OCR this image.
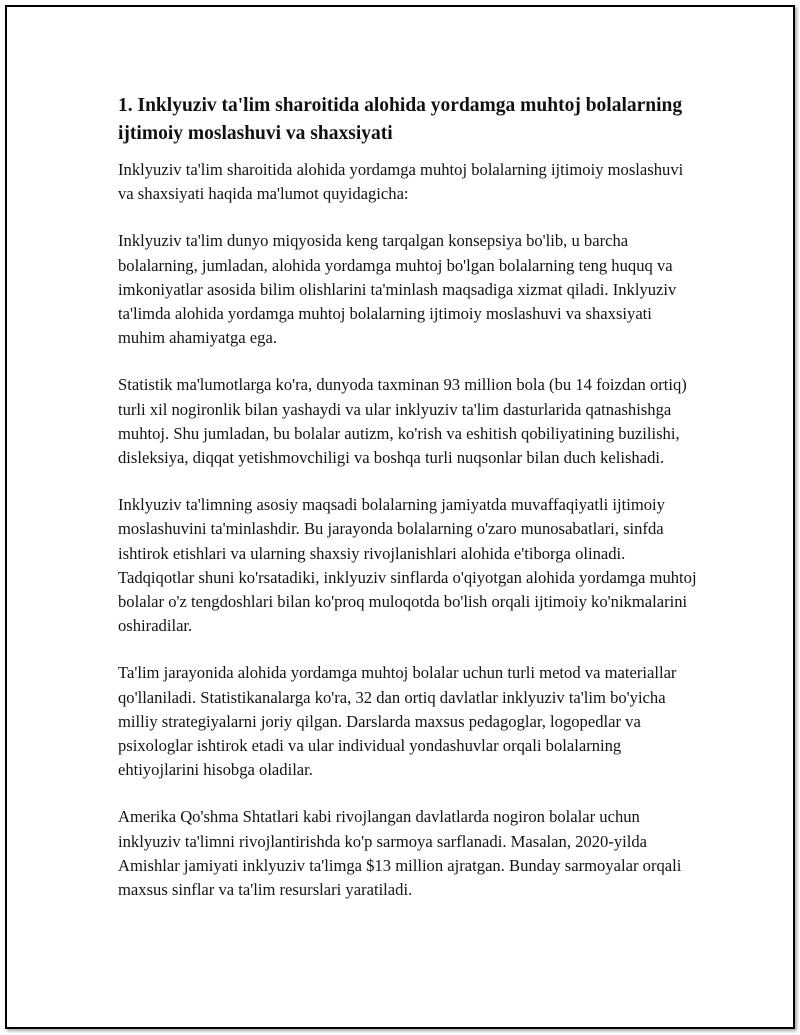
1. Inklyuziv ta'lim sharoitida alohida yordamga muhtoj bolalarning ijtimoiy moslashuvi va shaxsiyati

Inklyuziv ta'lim sharoitida alohida yordamga muhtoj bolalarning ijtimoiy moslashuvi va shaxsiyati haqida ma'lumot quyidagicha:

Inklyuziv ta'lim dunyo miqyosida keng tarqalgan konsepsiya bo'lib, u barcha bolalarning, jumladan, alohida yordamga muhtoj bo'lgan bolalarning teng huquq va imkoniyatlar asosida bilim olishlarini ta'minlash maqsadiga xizmat qiladi. Inklyuziv ta'limda alohida yordamga muhtoj bolalarning ijtimoiy moslashuvi va shaxsiyati muhim ahamiyatga ega.

Statistik ma'lumotlarga ko'ra, dunyoda taxminan 93 million bola (bu 14 foizdan ortiq) turli xil nogironlik bilan yashaydi va ular inklyuziv ta'lim dasturlarida qatnashishga muhtoj. Shu jumladan, bu bolalar autizm, ko'rish va eshitish qobiliyatining buzilishi, disleksiya, diqqat yetishmovchiligi va boshqa turli nuqsonlar bilan duch kelishadi.

Inklyuziv ta'limning asosiy maqsadi bolalarning jamiyatda muvaffaqiyatli ijtimoiy moslashuvini ta'minlashdir. Bu jarayonda bolalarning o'zaro munosabatlari, sinfda ishtirok etishlari va ularning shaxsiy rivojlanishlari alohida e'tiborga olinadi. Tadqiqotlar shuni ko'rsatadiki, inklyuziv sinflarda o'qiyotgan alohida yordamga muhtoj bolalar o'z tengdoshlari bilan ko'proq muloqotda bo'lish orqali ijtimoiy ko'nikmalarini oshiradilar.

Ta'lim jarayonida alohida yordamga muhtoj bolalar uchun turli metod va materiallar qo'llaniladi. Statistikanalarga ko'ra, 32 dan ortiq davlatlar inklyuziv ta'lim bo'yicha milliy strategiyalarni joriy qilgan. Darslarda maxsus pedagoglar, logopedlar va psixologlar ishtirok etadi va ular individual yondashuvlar orqali bolalarning ehtiyojlarini hisobga oladilar.

Amerika Qo'shma Shtatlari kabi rivojlangan davlatlarda nogiron bolalar uchun inklyuziv ta'limni rivojlantirishda ko'p sarmoya sarflanadi. Masalan, 2020-yilda Amishlar jamiyati inklyuziv ta'limga $13 million ajratgan. Bunday sarmoyalar orqali maxsus sinflar va ta'lim resurslari yaratiladi.
